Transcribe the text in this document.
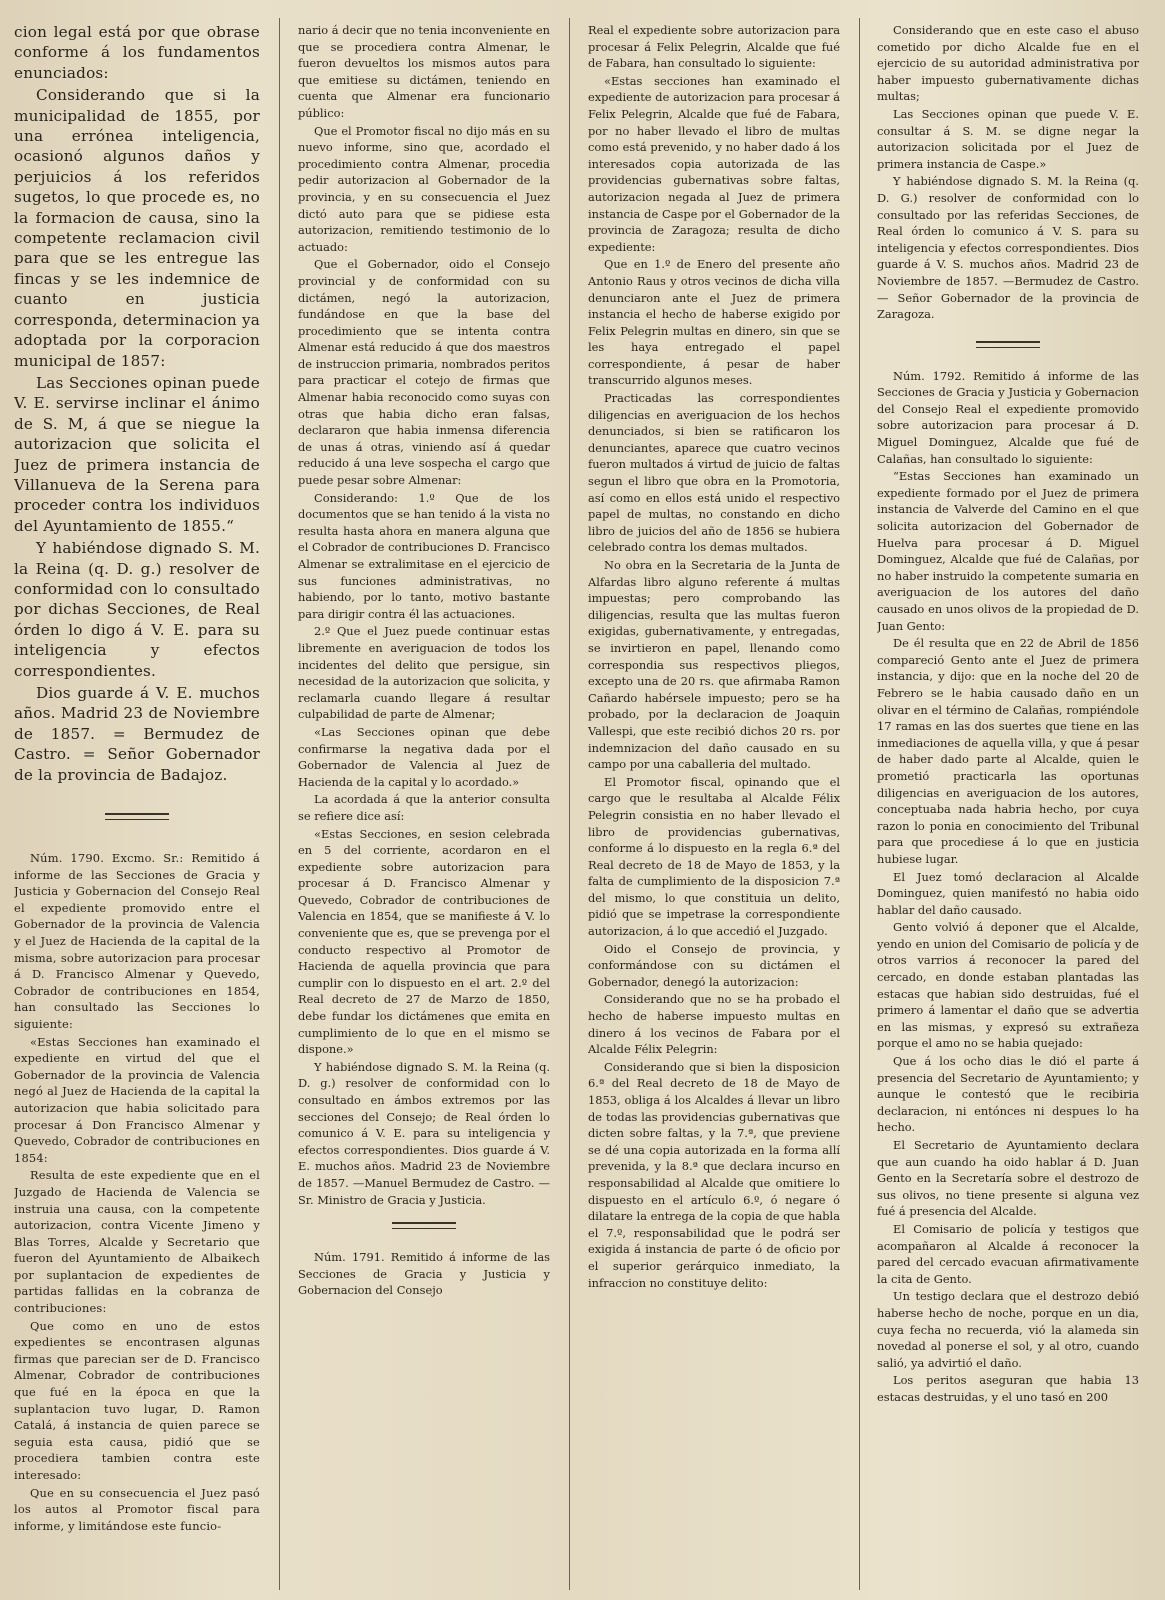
cion legal está por que obrase conforme á los fundamentos enunciados:

Considerando que si la municipalidad de 1855, por una errónea inteligencia, ocasionó algunos daños y perjuicios á los referidos sugetos, lo que procede es, no la formacion de causa, sino la competente reclamacion civil para que se les entregue las fincas y se les indemnice de cuanto en justicia corresponda, determinacion ya adoptada por la corporacion municipal de 1857:

Las Secciones opinan puede V. E. servirse inclinar el ánimo de S. M, á que se niegue la autorizacion que solicita el Juez de primera instancia de Villanueva de la Serena para proceder contra los individuos del Ayuntamiento de 1855.“

Y habiéndose dignado S. M. la Reina (q. D. g.) resolver de conformidad con lo consultado por dichas Secciones, de Real órden lo digo á V. E. para su inteligencia y efectos correspondientes.

Dios guarde á V. E. muchos años. Madrid 23 de Noviembre de 1857. = Bermudez de Castro. = Señor Gobernador de la provincia de Badajoz.

Núm. 1790. Excmo. Sr.: Remitido á informe de las Secciones de Gracia y Justicia y Gobernacion del Consejo Real el expediente promovido entre el Gobernador de la provincia de Valencia y el Juez de Hacienda de la capital de la misma, sobre autorizacion para procesar á D. Francisco Almenar y Quevedo, Cobrador de contribuciones en 1854, han consultado las Secciones lo siguiente:

«Estas Secciones han examinado el expediente en virtud del que el Gobernador de la provincia de Valencia negó al Juez de Hacienda de la capital la autorizacion que habia solicitado para procesar á Don Francisco Almenar y Quevedo, Cobrador de contribuciones en 1854:

Resulta de este expediente que en el Juzgado de Hacienda de Valencia se instruia una causa, con la competente autorizacion, contra Vicente Jimeno y Blas Torres, Alcalde y Secretario que fueron del Ayuntamiento de Albaikech por suplantacion de expedientes de partidas fallidas en la cobranza de contribuciones:

Que como en uno de estos expedientes se encontrasen algunas firmas que parecian ser de D. Francisco Almenar, Cobrador de contribuciones que fué en la época en que la suplantacion tuvo lugar, D. Ramon Catalá, á instancia de quien parece se seguia esta causa, pidió que se procediera tambien contra este interesado:

Que en su consecuencia el Juez pasó los autos al Promotor fiscal para informe, y limitándose este funcio-

nario á decir que no tenia inconveniente en que se procediera contra Almenar, le fueron devueltos los mismos autos para que emitiese su dictámen, teniendo en cuenta que Almenar era funcionario público:

Que el Promotor fiscal no dijo más en su nuevo informe, sino que, acordado el procedimiento contra Almenar, procedia pedir autorizacion al Gobernador de la provincia, y en su consecuencia el Juez dictó auto para que se pidiese esta autorizacion, remitiendo testimonio de lo actuado:

Que el Gobernador, oido el Consejo provincial y de conformidad con su dictámen, negó la autorizacion, fundándose en que la base del procedimiento que se intenta contra Almenar está reducido á que dos maestros de instruccion primaria, nombrados peritos para practicar el cotejo de firmas que Almenar habia reconocido como suyas con otras que habia dicho eran falsas, declararon que habia inmensa diferencia de unas á otras, viniendo así á quedar reducido á una leve sospecha el cargo que puede pesar sobre Almenar:

Considerando: 1.º Que de los documentos que se han tenido á la vista no resulta hasta ahora en manera alguna que el Cobrador de contribuciones D. Francisco Almenar se extralimitase en el ejercicio de sus funciones administrativas, no habiendo, por lo tanto, motivo bastante para dirigir contra él las actuaciones.

2.º Que el Juez puede continuar estas libremente en averiguacion de todos los incidentes del delito que persigue, sin necesidad de la autorizacion que solicita, y reclamarla cuando llegare á resultar culpabilidad de parte de Almenar;

«Las Secciones opinan que debe confirmarse la negativa dada por el Gobernador de Valencia al Juez de Hacienda de la capital y lo acordado.»

La acordada á que la anterior consulta se refiere dice así:

«Estas Secciones, en sesion celebrada en 5 del corriente, acordaron en el expediente sobre autorizacion para procesar á D. Francisco Almenar y Quevedo, Cobrador de contribuciones de Valencia en 1854, que se manifieste á V. lo conveniente que es, que se prevenga por el conducto respectivo al Promotor de Hacienda de aquella provincia que para cumplir con lo dispuesto en el art. 2.º del Real decreto de 27 de Marzo de 1850, debe fundar los dictámenes que emita en cumplimiento de lo que en el mismo se dispone.»

Y habiéndose dignado S. M. la Reina (q. D. g.) resolver de conformidad con lo consultado en ámbos extremos por las secciones del Consejo; de Real órden lo comunico á V. E. para su inteligencia y efectos correspondientes. Dios guarde á V. E. muchos años. Madrid 23 de Noviembre de 1857. —Manuel Bermudez de Castro. —Sr. Ministro de Gracia y Justicia.

Núm. 1791. Remitido á informe de las Secciones de Gracia y Justicia y Gobernacion del Consejo

Real el expediente sobre autorizacion para procesar á Felix Pelegrin, Alcalde que fué de Fabara, han consultado lo siguiente:

«Estas secciones han examinado el expediente de autorizacion para procesar á Felix Pelegrin, Alcalde que fué de Fabara, por no haber llevado el libro de multas como está prevenido, y no haber dado á los interesados copia autorizada de las providencias gubernativas sobre faltas, autorizacion negada al Juez de primera instancia de Caspe por el Gobernador de la provincia de Zaragoza; resulta de dicho expediente:

Que en 1.º de Enero del presente año Antonio Raus y otros vecinos de dicha villa denunciaron ante el Juez de primera instancia el hecho de haberse exigido por Felix Pelegrin multas en dinero, sin que se les haya entregado el papel correspondiente, á pesar de haber transcurrido algunos meses.

Practicadas las correspondientes diligencias en averiguacion de los hechos denunciados, si bien se ratificaron los denunciantes, aparece que cuatro vecinos fueron multados á virtud de juicio de faltas segun el libro que obra en la Promotoria, así como en ellos está unido el respectivo papel de multas, no constando en dicho libro de juicios del año de 1856 se hubiera celebrado contra los demas multados.

No obra en la Secretaria de la Junta de Alfardas libro alguno referente á multas impuestas; pero comprobando las diligencias, resulta que las multas fueron exigidas, gubernativamente, y entregadas, se invirtieron en papel, llenando como correspondia sus respectivos pliegos, excepto una de 20 rs. que afirmaba Ramon Cañardo habérsele impuesto; pero se ha probado, por la declaracion de Joaquin Vallespi, que este recibió dichos 20 rs. por indemnizacion del daño causado en su campo por una caballeria del multado.

El Promotor fiscal, opinando que el cargo que le resultaba al Alcalde Félix Pelegrin consistia en no haber llevado el libro de providencias gubernativas, conforme á lo dispuesto en la regla 6.ª del Real decreto de 18 de Mayo de 1853, y la falta de cumplimiento de la disposicion 7.ª del mismo, lo que constituia un delito, pidió que se impetrase la correspondiente autorizacion, á lo que accedió el Juzgado.

Oido el Consejo de provincia, y conformándose con su dictámen el Gobernador, denegó la autorizacion:

Considerando que no se ha probado el hecho de haberse impuesto multas en dinero á los vecinos de Fabara por el Alcalde Félix Pelegrin:

Considerando que si bien la disposicion 6.ª del Real decreto de 18 de Mayo de 1853, obliga á los Alcaldes á llevar un libro de todas las providencias gubernativas que dicten sobre faltas, y la 7.ª, que previene se dé una copia autorizada en la forma allí prevenida, y la 8.ª que declara incurso en responsabilidad al Alcalde que omitiere lo dispuesto en el artículo 6.º, ó negare ó dilatare la entrega de la copia de que habla el 7.º, responsabilidad que le podrá ser exigida á instancia de parte ó de oficio por el superior gerárquico inmediato, la infraccion no constituye delito:

Considerando que en este caso el abuso cometido por dicho Alcalde fue en el ejercicio de su autoridad administrativa por haber impuesto gubernativamente dichas multas;

Las Secciones opinan que puede V. E. consultar á S. M. se digne negar la autorizacion solicitada por el Juez de primera instancia de Caspe.»

Y habiéndose dignado S. M. la Reina (q. D. G.) resolver de conformidad con lo consultado por las referidas Secciones, de Real órden lo comunico á V. S. para su inteligencia y efectos correspondientes. Dios guarde á V. S. muchos años. Madrid 23 de Noviembre de 1857. —Bermudez de Castro. — Señor Gobernador de la provincia de Zaragoza.

Núm. 1792. Remitido á informe de las Secciones de Gracia y Justicia y Gobernacion del Consejo Real el expediente promovido sobre autorizacion para procesar á D. Miguel Dominguez, Alcalde que fué de Calañas, han consultado lo siguiente:

“Estas Secciones han examinado un expediente formado por el Juez de primera instancia de Valverde del Camino en el que solicita autorizacion del Gobernador de Huelva para procesar á D. Miguel Dominguez, Alcalde que fué de Calañas, por no haber instruido la competente sumaria en averiguacion de los autores del daño causado en unos olivos de la propiedad de D. Juan Gento:

De él resulta que en 22 de Abril de 1856 compareció Gento ante el Juez de primera instancia, y dijo: que en la noche del 20 de Febrero se le habia causado daño en un olivar en el término de Calañas, rompiéndole 17 ramas en las dos suertes que tiene en las inmediaciones de aquella villa, y que á pesar de haber dado parte al Alcalde, quien le prometió practicarla las oportunas diligencias en averiguacion de los autores, conceptuaba nada habria hecho, por cuya razon lo ponia en conocimiento del Tribunal para que procediese á lo que en justicia hubiese lugar.

El Juez tomó declaracion al Alcalde Dominguez, quien manifestó no habia oido hablar del daño causado.

Gento volvió á deponer que el Alcalde, yendo en union del Comisario de policía y de otros varrios á reconocer la pared del cercado, en donde estaban plantadas las estacas que habian sido destruidas, fué el primero á lamentar el daño que se advertia en las mismas, y expresó su extrañeza porque el amo no se habia quejado:

Que á los ocho dias le dió el parte á presencia del Secretario de Ayuntamiento; y aunque le contestó que le recibiria declaracion, ni entónces ni despues lo ha hecho.

El Secretario de Ayuntamiento declara que aun cuando ha oido hablar á D. Juan Gento en la Secretaría sobre el destrozo de sus olivos, no tiene presente si alguna vez fué á presencia del Alcalde.

El Comisario de policía y testigos que acompañaron al Alcalde á reconocer la pared del cercado evacuan afirmativamente la cita de Gento.

Un testigo declara que el destrozo debió haberse hecho de noche, porque en un dia, cuya fecha no recuerda, vió la alameda sin novedad al ponerse el sol, y al otro, cuando salió, ya advirtió el daño.

Los peritos aseguran que habia 13 estacas destruidas, y el uno tasó en 200
